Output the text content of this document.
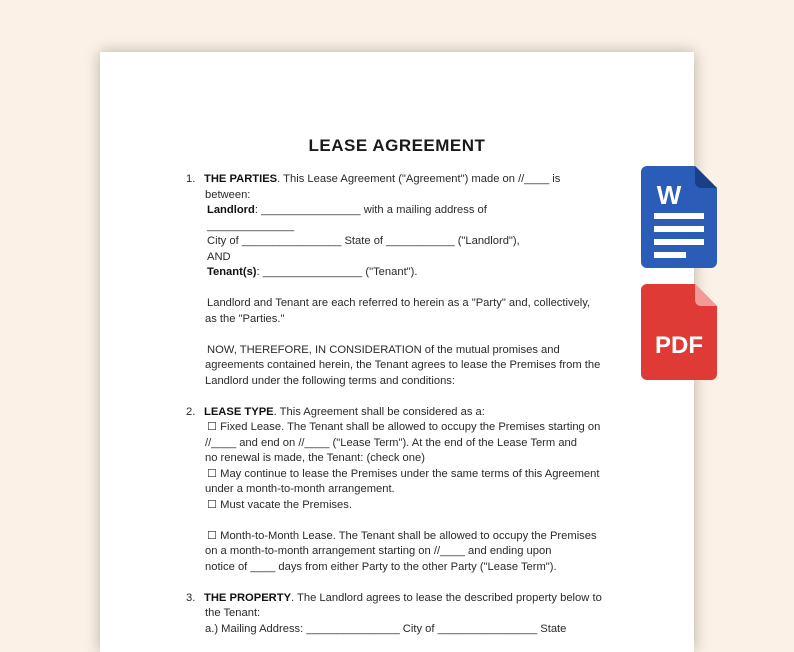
LEASE AGREEMENT
1. THE PARTIES. This Lease Agreement ("Agreement") made on //____ is
between:
Landlord: ________________ with a mailing address of
______________
City of ________________ State of ___________ ("Landlord"),
AND
Tenant(s): ________________ ("Tenant").
Landlord and Tenant are each referred to herein as a "Party" and, collectively,
as the "Parties."
NOW, THEREFORE, IN CONSIDERATION of the mutual promises and
agreements contained herein, the Tenant agrees to lease the Premises from the
Landlord under the following terms and conditions:
2. LEASE TYPE. This Agreement shall be considered as a:
☐ Fixed Lease. The Tenant shall be allowed to occupy the Premises starting on
//____ and end on //____ ("Lease Term"). At the end of the Lease Term and
no renewal is made, the Tenant: (check one)
☐ May continue to lease the Premises under the same terms of this Agreement
under a month-to-month arrangement.
☐ Must vacate the Premises.
☐ Month-to-Month Lease. The Tenant shall be allowed to occupy the Premises
on a month-to-month arrangement starting on //____ and ending upon
notice of ____ days from either Party to the other Party ("Lease Term").
3. THE PROPERTY. The Landlord agrees to lease the described property below to
the Tenant:
a.) Mailing Address: _______________ City of ________________ State
W
PDF
